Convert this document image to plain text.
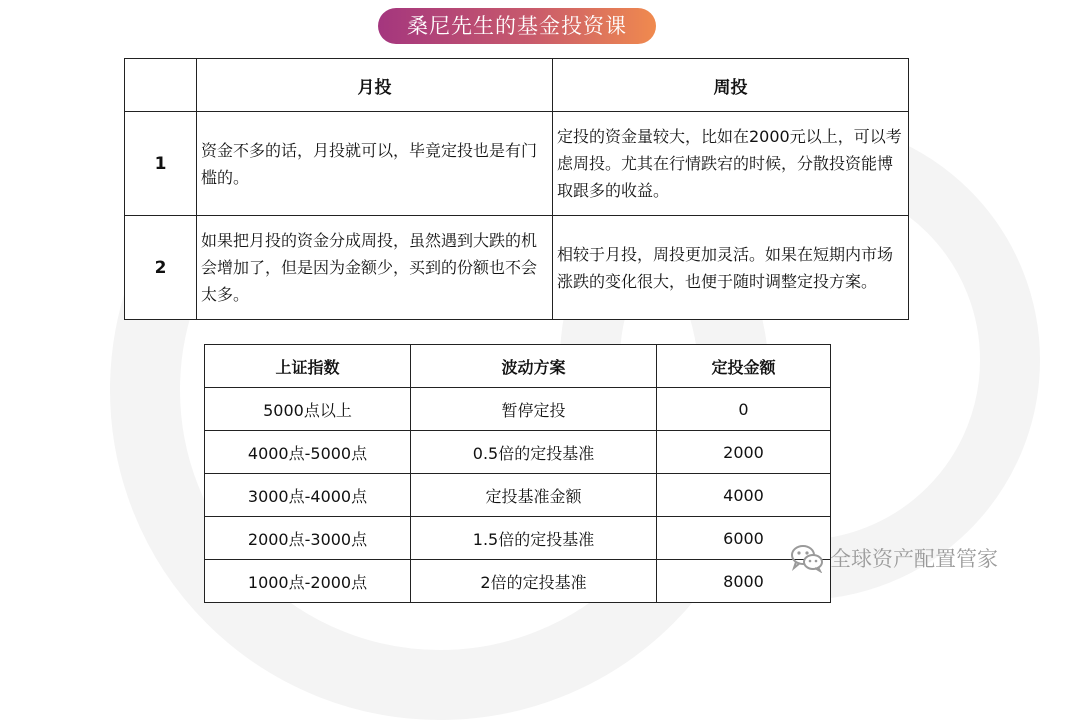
桑尼先生的基金投资课
	月投	周投
1	资金不多的话，月投就可以，毕竟定投也是有门槛的。	定投的资金量较大，比如在2000元以上，可以考虑周投。尤其在行情跌宕的时候，分散投资能博取跟多的收益。
2	如果把月投的资金分成周投，虽然遇到大跌的机会增加了，但是因为金额少，买到的份额也不会太多。	相较于月投，周投更加灵活。如果在短期内市场涨跌的变化很大，也便于随时调整定投方案。
上证指数	波动方案	定投金额
5000点以上	暂停定投	0
4000点-5000点	0.5倍的定投基准	2000
3000点-4000点	定投基准金额	4000
2000点-3000点	1.5倍的定投基准	6000
1000点-2000点	2倍的定投基准	8000
全球资产配置管家
